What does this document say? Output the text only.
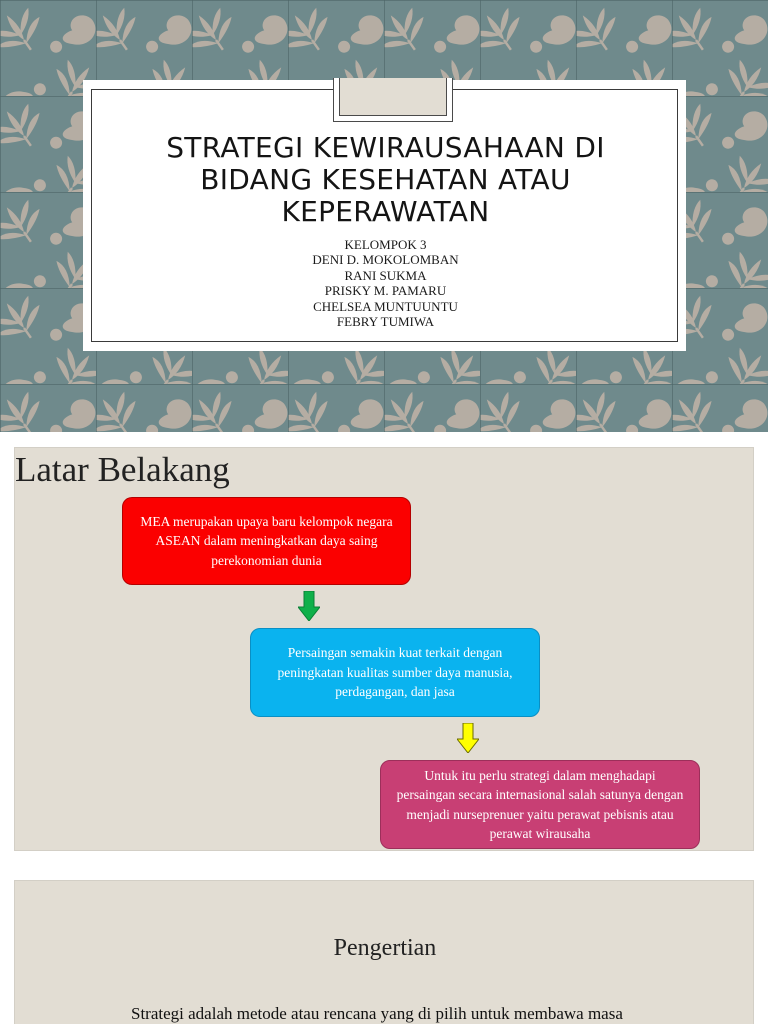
STRATEGI KEWIRAUSAHAAN DI
BIDANG KESEHATAN ATAU
KEPERAWATAN
KELOMPOK 3
DENI D. MOKOLOMBAN
RANI SUKMA
PRISKY M. PAMARU
CHELSEA MUNTUUNTU
FEBRY TUMIWA
Latar Belakang
MEA merupakan upaya baru kelompok negara ASEAN dalam meningkatkan daya saing perekonomian dunia
Persaingan semakin kuat terkait dengan peningkatan kualitas sumber daya manusia, perdagangan, dan jasa
Untuk itu perlu strategi dalam menghadapi persaingan secara internasional salah satunya dengan menjadi nurseprenuer yaitu perawat pebisnis atau perawat wirausaha
Pengertian
Strategi adalah metode atau rencana yang di pilih untuk membawa masa
